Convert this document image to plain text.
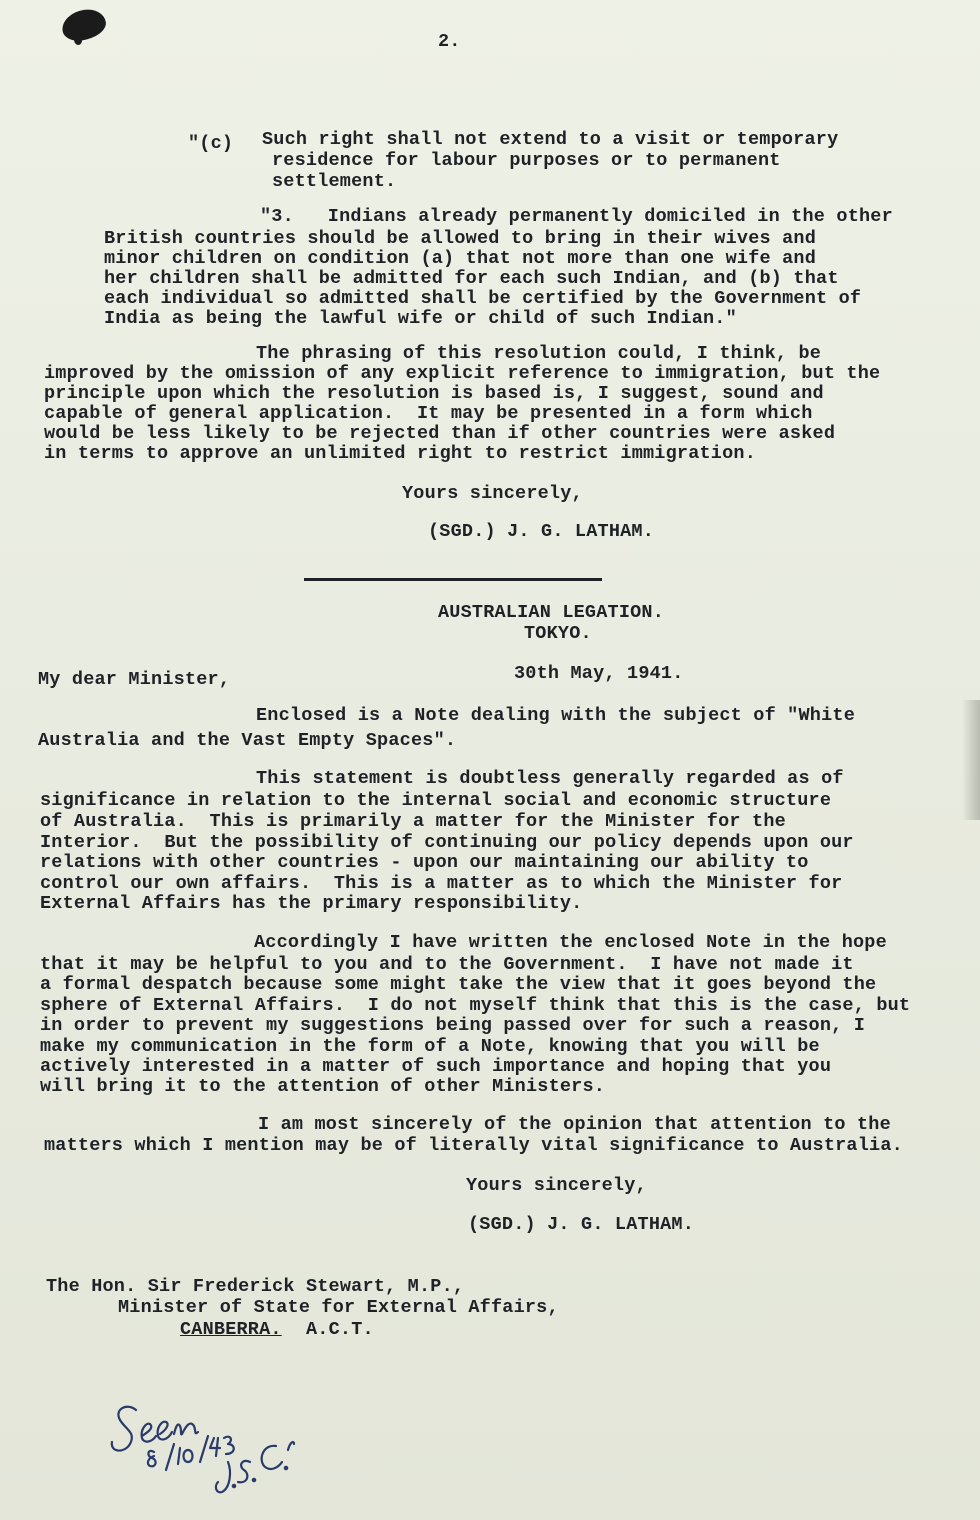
2.
"(c) Such right shall not extend to a visit or temporary
residence for labour purposes or to permanent
settlement.
"3.   Indians already permanently domiciled in the other
British countries should be allowed to bring in their wives and
minor children on condition (a) that not more than one wife and
her children shall be admitted for each such Indian, and (b) that
each individual so admitted shall be certified by the Government of
India as being the lawful wife or child of such Indian."
The phrasing of this resolution could, I think, be
improved by the omission of any explicit reference to immigration, but the
principle upon which the resolution is based is, I suggest, sound and
capable of general application.  It may be presented in a form which
would be less likely to be rejected than if other countries were asked
in terms to approve an unlimited right to restrict immigration.
Yours sincerely,
(SGD.) J. G. LATHAM.
AUSTRALIAN LEGATION.
TOKYO.
My dear Minister,	30th May, 1941.
Enclosed is a Note dealing with the subject of "White
Australia and the Vast Empty Spaces".
This statement is doubtless generally regarded as of
significance in relation to the internal social and economic structure
of Australia.  This is primarily a matter for the Minister for the
Interior.  But the possibility of continuing our policy depends upon our
relations with other countries - upon our maintaining our ability to
control our own affairs.  This is a matter as to which the Minister for
External Affairs has the primary responsibility.
Accordingly I have written the enclosed Note in the hope
that it may be helpful to you and to the Government.  I have not made it
a formal despatch because some might take the view that it goes beyond the
sphere of External Affairs.  I do not myself think that this is the case, but
in order to prevent my suggestions being passed over for such a reason, I
make my communication in the form of a Note, knowing that you will be
actively interested in a matter of such importance and hoping that you
will bring it to the attention of other Ministers.
I am most sincerely of the opinion that attention to the
matters which I mention may be of literally vital significance to Australia.
Yours sincerely,
(SGD.) J. G. LATHAM.
The Hon. Sir Frederick Stewart, M.P.,
Minister of State for External Affairs,
CANBERRA. A.C.T.
